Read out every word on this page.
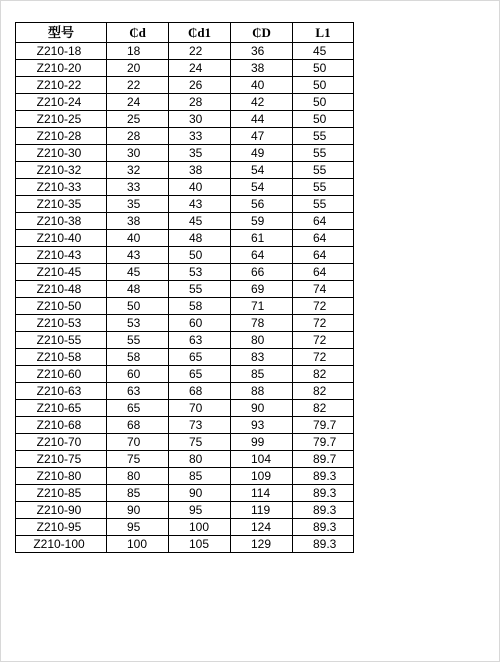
型号	₵d	₵d1	₵D	L1
Z210-18	18	22	36	45
Z210-20	20	24	38	50
Z210-22	22	26	40	50
Z210-24	24	28	42	50
Z210-25	25	30	44	50
Z210-28	28	33	47	55
Z210-30	30	35	49	55
Z210-32	32	38	54	55
Z210-33	33	40	54	55
Z210-35	35	43	56	55
Z210-38	38	45	59	64
Z210-40	40	48	61	64
Z210-43	43	50	64	64
Z210-45	45	53	66	64
Z210-48	48	55	69	74
Z210-50	50	58	71	72
Z210-53	53	60	78	72
Z210-55	55	63	80	72
Z210-58	58	65	83	72
Z210-60	60	65	85	82
Z210-63	63	68	88	82
Z210-65	65	70	90	82
Z210-68	68	73	93	79.7
Z210-70	70	75	99	79.7
Z210-75	75	80	104	89.7
Z210-80	80	85	109	89.3
Z210-85	85	90	114	89.3
Z210-90	90	95	119	89.3
Z210-95	95	100	124	89.3
Z210-100	100	105	129	89.3
